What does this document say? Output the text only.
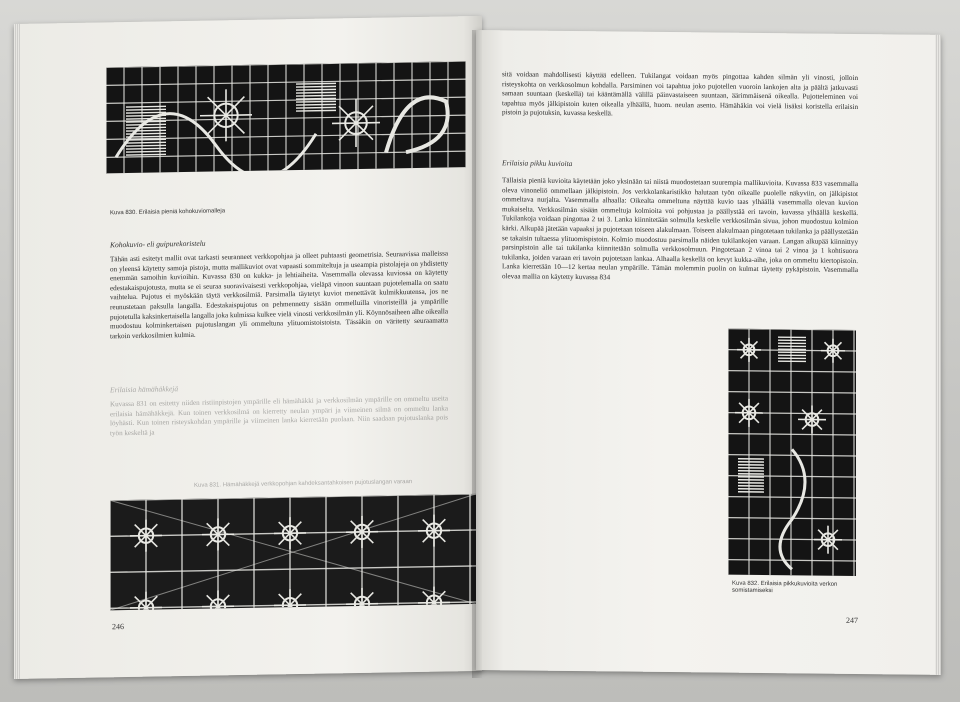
Kuva 830. Erilaisia pieniä kohokuviomalleja
Kohokuvio- eli guipurekoristelu
Tähän asti esitetyt mallit ovat tarkasti seuranneet verkkopohjaa ja olleet puhtaasti geometrisia. Seuraavissa malleissa on yleensä käytetty samoja pistoja, mutta mallikuviot ovat vapaasti sommiteltuja ja useampia pistolajeja on yhdistetty enemmän samoihin kuvioihin. Kuvassa 830 on kukka- ja lehtiaiheita. Vasemmalla olevassa kuviossa on käytetty edestakaispujotusta, mutta se ei seuraa suoravivaisesti verkkopohjaa, vieläpä vinoon suuntaan pujotelemalla on saatu vaihtelua. Pujotus ei myöskään täytä verkkosilmiä. Parsimalla täytetyt kuviot menettävät kulmikkuutensa, jos ne reunustetaan paksulla langalla. Edestakaispujotus on pehmennetty sisään ommelluilla vinoristeillä ja ympärille pujotetulla kaksinkertaisella langalla joka kulmissa kulkee vielä vinosti verkkosilmän yli. Köynnösaiheen alhe oikealla muodostuu kolminkertaisen pujotuslangan yli ommeltuna ylituomistoistoista. Tässäkin on väritetty seuraamatta tarkoin verkkosilmien kulmia.
Erilaisia hämähäkkejä
Kuvassa 831 on esitetty niiden ristiinpistojen ympärille eli hämähäkki ja verkkosilmän ympärille on ommeltu useita erilaisia hämähäkkejä. Kun toinen verkkosilmä on kierretty neulan ympäri ja viimeinen silmä on ommeltu lanka löyhästi. Kun toinen risteyskohdan ympärille ja viimeinen lanka kierretään puolaan. Niin saadaan pujotuslanka pois työn keskeltä ja
Kuva 831. Hämähäkkejä verkkopohjan kahdeksantahkoisen pujotuslangan varaan
246
sitä voidaan mahdollisesti käyttää edelleen. Tukilangat voidaan myös pingottaa kahden silmän yli vinosti, jolloin risteyskohta on verkkosolmun kohdalla. Parsiminen voi tapahtua joko pujotellen vuoroin lankojen alta ja päältä jatkuvasti samaan suuntaan (keskellä) tai kääntämällä välillä päinvastaiseen suuntaan, äärimmäisenä oikealla. Pujotteleminen voi tapahtua myös jälkipistoin kuten oikealla ylhäällä, huom. neulan asento. Hämähäkin voi vielä lisäksi koristella erilaisin pistoin ja pujotuksin, kuvassa keskellä.
Erilaisia pikku kuvioita
Tällaisia pieniä kuvioita käytetään joko yksinään tai niistä muodostetaan suurempia mallikuvioita. Kuvassa 833 vasemmalla oleva vinoneliö ommellaan jälkipistoin. Jos verkkolankaristikko halutaan työn oikealle puolelle näkyviin, on jälkipistot ommeltava nurjalta. Vasemmalla alhaalla: Oikealta ommeltuna näyttää kuvio taas ylhäällä vasemmalla olevan kuvion mukaiselta. Verkkosilmän sisään ommeltuja kolmioita voi pohjustaa ja päällystää eri tavoin, kuvassa ylhäällä keskellä. Tukilankoja voidaan pingottaa 2 tai 3. Lanka kiinnitetään solmulla keskelle verkkosilmän sivua, johon muodostuu kolmion kärki. Alkupää jätetään vapaaksi ja pujotetaan toiseen alakulmaan. Toiseen alakulmaan pingotetaan tukilanka ja päällystetään se takaisin tultaessa ylituomispistoin. Kolmio muodostuu parsimalla näiden tukilankojen varaan. Langan alkupää kiinnittyy parsinpistoin alle tai tukilanka kiinnitetään solmulla verkkosolmuun. Pingotetaan 2 vinoa tai 2 vinoa ja 1 kohtisuora tukilanka, joiden varaan eri tavoin pujotetaan lankaa. Alhaalla keskellä on kevyt kukka-aihe, joka on ommeltu kiertopistoin. Lanka kierretään 10—12 kertaa neulan ympärille. Tämän molemmin puolin on kulmat täytetty pykäpistoin. Vasemmalla olevaa mallia on käytetty kuvassa 834
Kuva 832. Erilaisia pikkukuvioita verkon somistamiseksi
247
